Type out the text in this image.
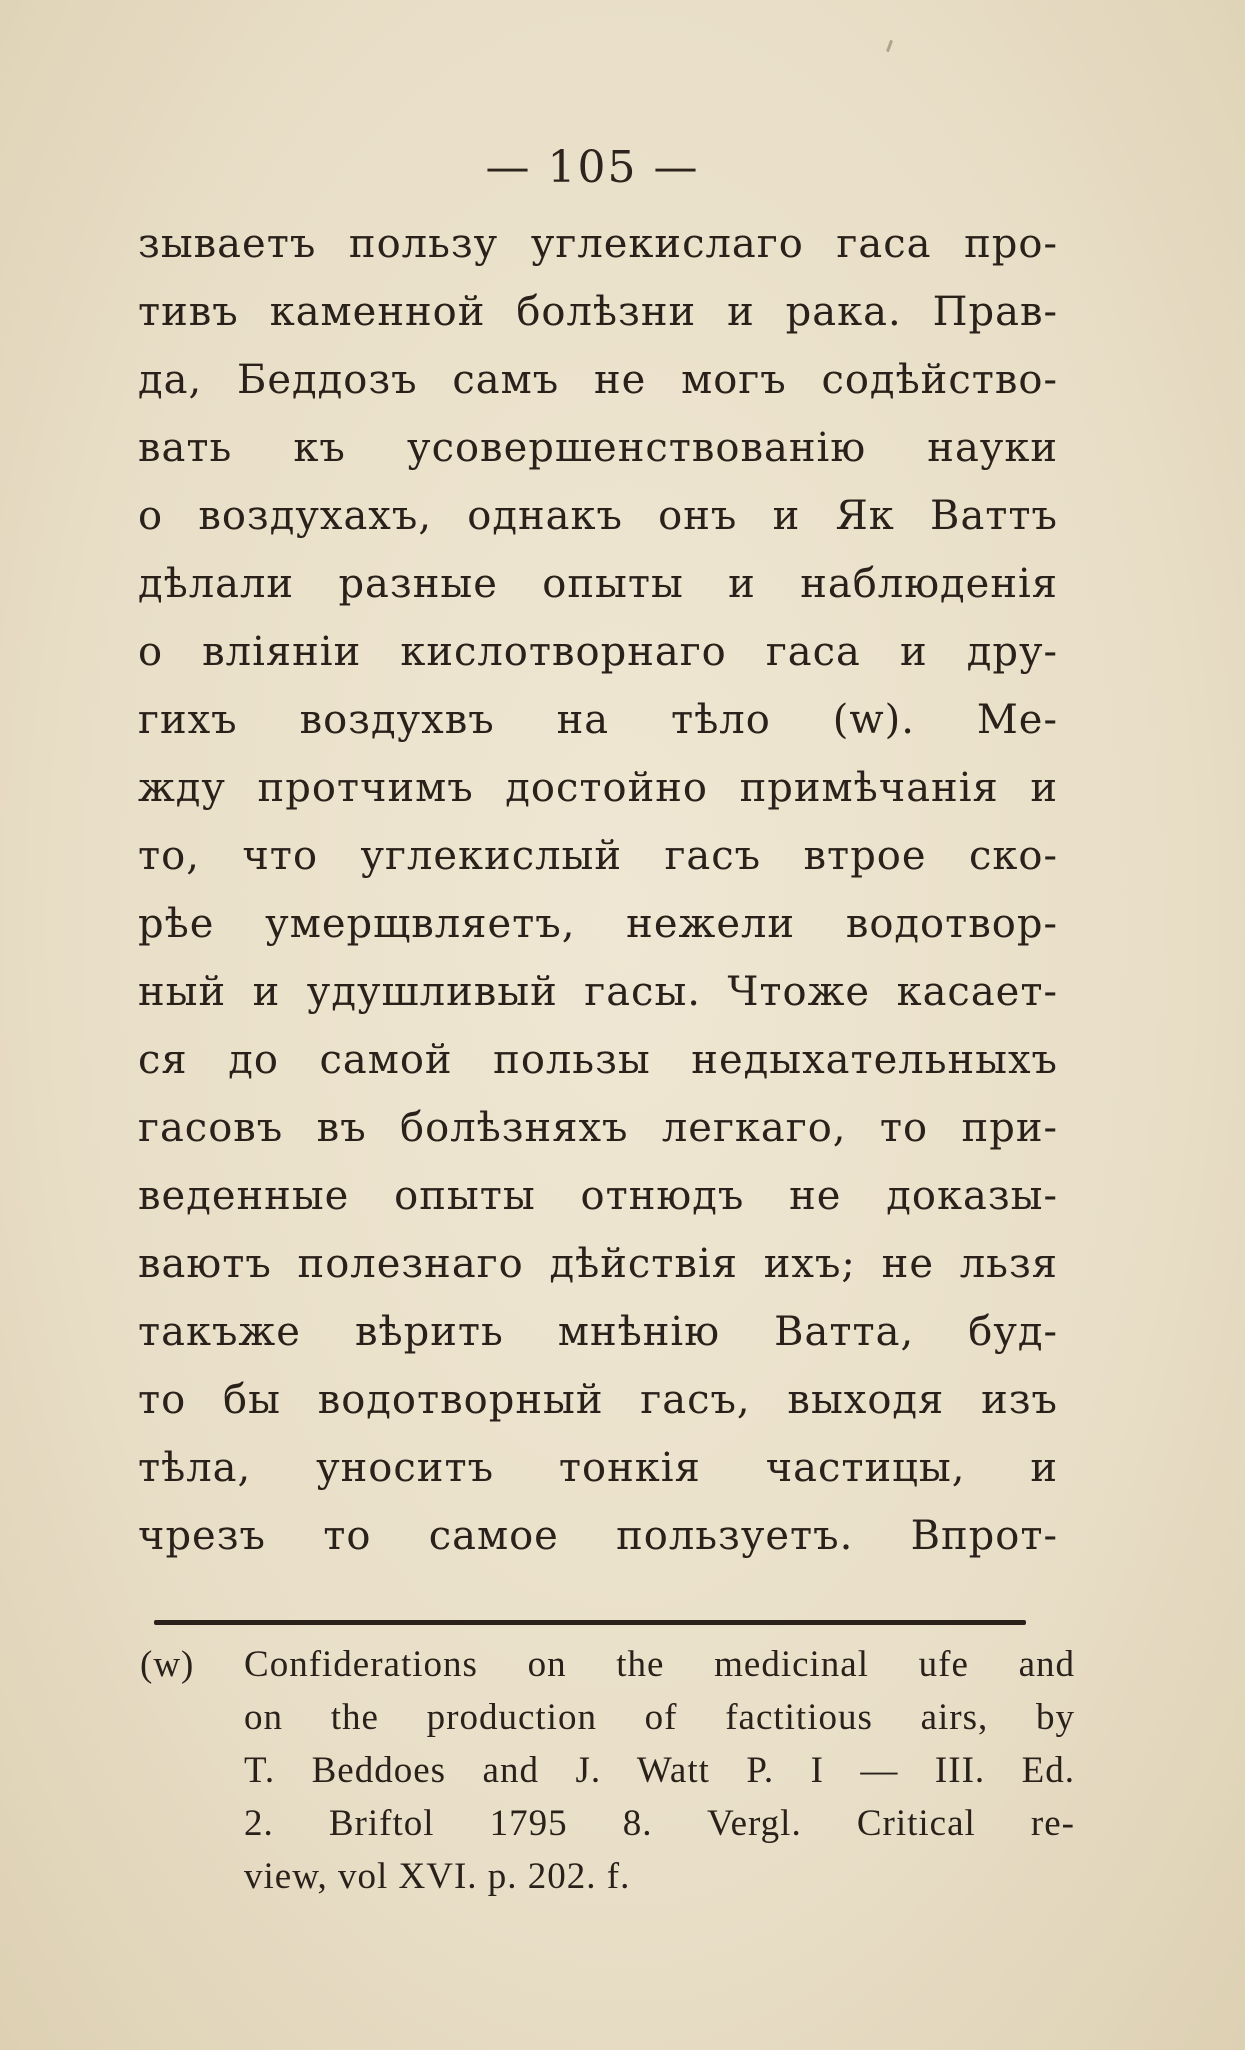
— 105 —
зываетъ пользу углекислаго гаса про-
тивъ каменной болѣзни и рака. Прав-
да, Беддозъ самъ не могъ содѣйство-
вать къ усовершенствованію науки
о воздухахъ, однакъ онъ и Як Ваттъ
дѣлали разные опыты и наблюденія
о вліяніи кислотворнаго гаса и дру-
гихъ воздухвъ на тѣло (w). Ме-
жду протчимъ достойно примѣчанія и
то, что углекислый гасъ втрое ско-
рѣе умерщвляетъ, нежели водотвор-
ный и удушливый гасы. Чтоже касает-
ся до самой пользы недыхательныхъ
гасовъ въ болѣзняхъ легкаго, то при-
веденные опыты отнюдъ не доказы-
ваютъ полезнаго дѣйствія ихъ; не льзя
такъже вѣрить мнѣнію Ватта, буд-
то бы водотворный гасъ, выходя изъ
тѣла, уноситъ тонкія частицы, и
чрезъ то самое пользуетъ. Впрот-
(w) Confiderations on the medicinal ufe and
on the production of factitious airs, by
T. Beddoes and J. Watt P. I — III. Ed.
2. Briftol 1795 8. Vergl. Critical re-
view, vol XVI. p. 202. f.
